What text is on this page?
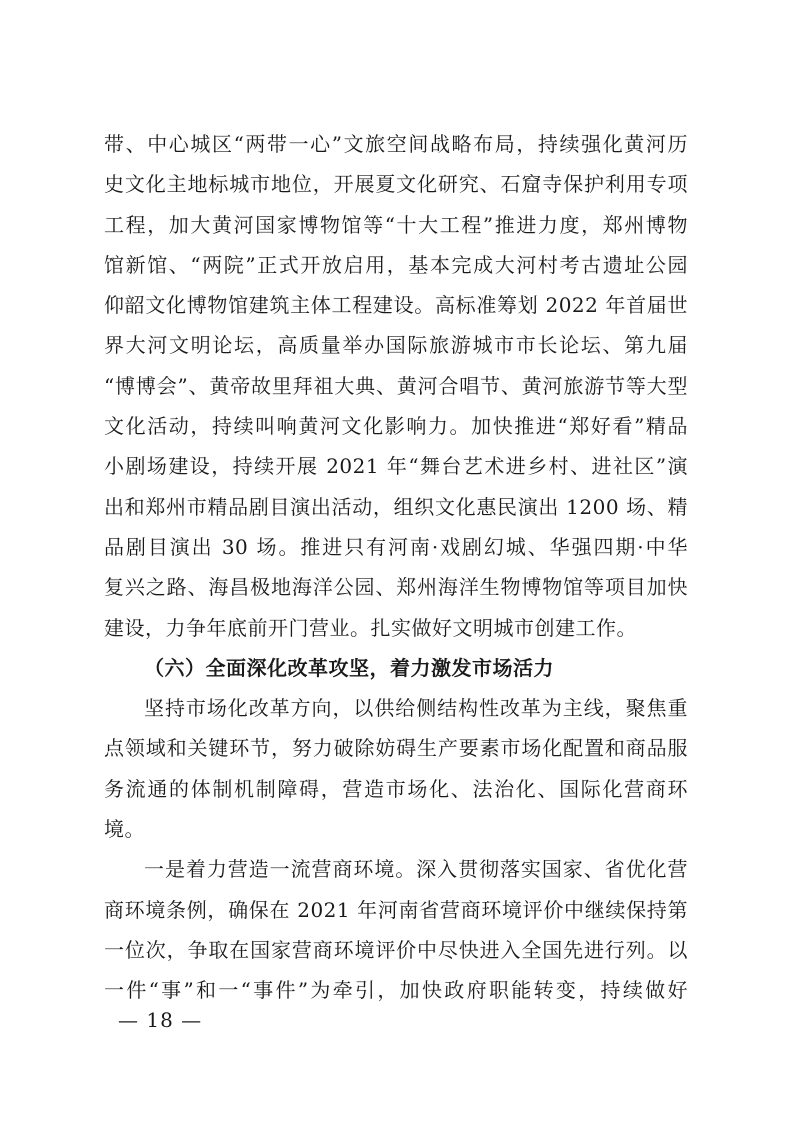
带、中心城区“两带一心”文旅空间战略布局，持续强化黄河历
史文化主地标城市地位，开展夏文化研究、石窟寺保护利用专项
工程，加大黄河国家博物馆等“十大工程”推进力度，郑州博物
馆新馆、“两院”正式开放启用，基本完成大河村考古遗址公园
仰韶文化博物馆建筑主体工程建设。高标准筹划 2022 年首届世
界大河文明论坛，高质量举办国际旅游城市市长论坛、第九届
“博博会”、黄帝故里拜祖大典、黄河合唱节、黄河旅游节等大型
文化活动，持续叫响黄河文化影响力。加快推进“郑好看”精品
小剧场建设，持续开展 2021 年“舞台艺术进乡村、进社区”演
出和郑州市精品剧目演出活动，组织文化惠民演出 1200 场、精
品剧目演出 30 场。推进只有河南·戏剧幻城、华强四期·中华
复兴之路、海昌极地海洋公园、郑州海洋生物博物馆等项目加快
建设，力争年底前开门营业。扎实做好文明城市创建工作。
（六）全面深化改革攻坚，着力激发市场活力
坚持市场化改革方向，以供给侧结构性改革为主线，聚焦重
点领域和关键环节，努力破除妨碍生产要素市场化配置和商品服
务流通的体制机制障碍，营造市场化、法治化、国际化营商环
境。
一是着力营造一流营商环境。深入贯彻落实国家、省优化营
商环境条例，确保在 2021 年河南省营商环境评价中继续保持第
一位次，争取在国家营商环境评价中尽快进入全国先进行列。以
一件“事”和一“事件”为牵引，加快政府职能转变，持续做好
— 18 —
